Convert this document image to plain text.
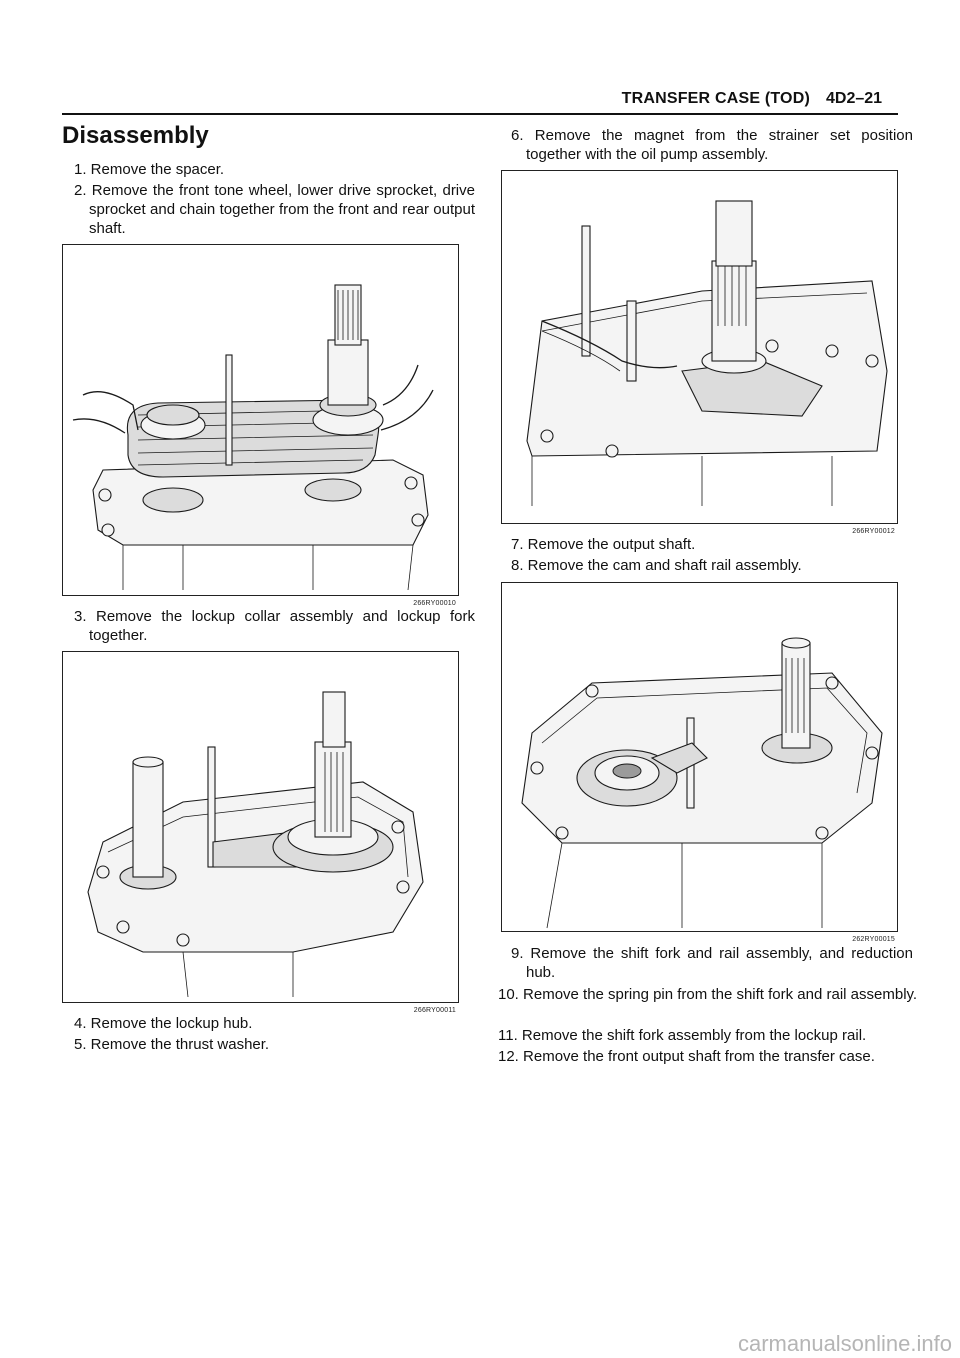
TRANSFER CASE (TOD) 4D2–21
Disassembly
1. Remove the spacer.
2. Remove the front tone wheel, lower drive sprocket, drive sprocket and chain together from the front and rear output shaft.
266RY00010
3. Remove the lockup collar assembly and lockup fork together.
266RY00011
4. Remove the lockup hub.
5. Remove the thrust washer.
6. Remove the magnet from the strainer set position together with the oil pump assembly.
266RY00012
7. Remove the output shaft.
8. Remove the cam and shaft rail assembly.
262RY00015
9. Remove the shift fork and rail assembly, and reduction hub.
10. Remove the spring pin from the shift fork and rail assembly.
11. Remove the shift fork assembly from the lockup rail.
12. Remove the front output shaft from the transfer case.
carmanualsonline.info
